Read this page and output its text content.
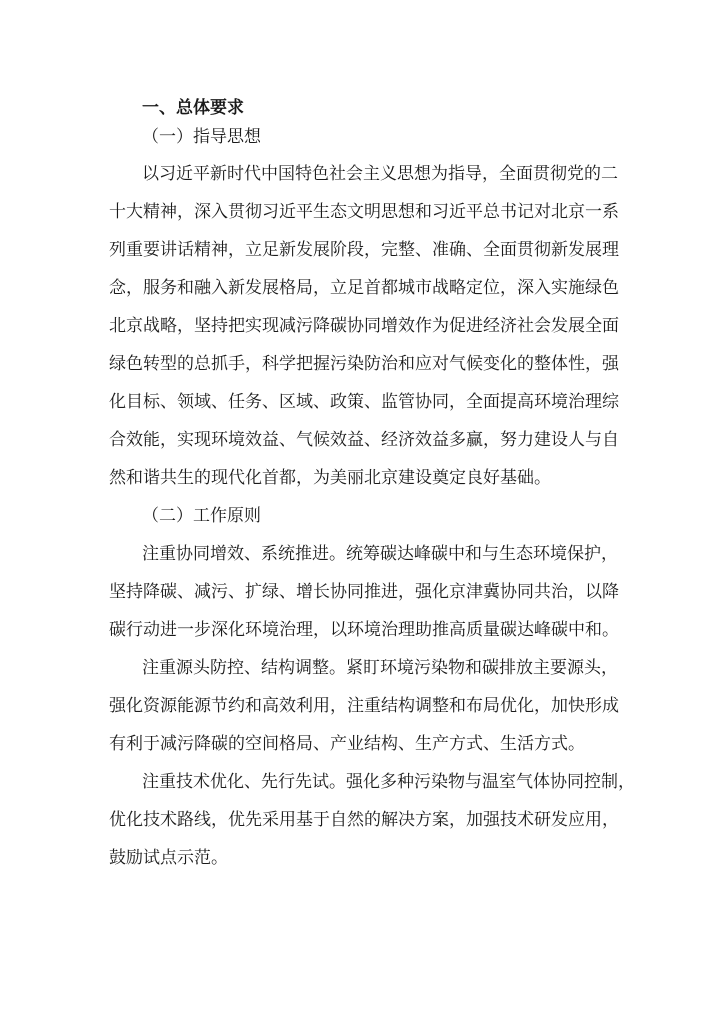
一、总体要求
（一）指导思想
以习近平新时代中国特色社会主义思想为指导，全面贯彻党的二
十大精神，深入贯彻习近平生态文明思想和习近平总书记对北京一系
列重要讲话精神，立足新发展阶段，完整、准确、全面贯彻新发展理
念，服务和融入新发展格局，立足首都城市战略定位，深入实施绿色
北京战略，坚持把实现减污降碳协同增效作为促进经济社会发展全面
绿色转型的总抓手，科学把握污染防治和应对气候变化的整体性，强
化目标、领域、任务、区域、政策、监管协同，全面提高环境治理综
合效能，实现环境效益、气候效益、经济效益多赢，努力建设人与自
然和谐共生的现代化首都，为美丽北京建设奠定良好基础。
（二）工作原则
注重协同增效、系统推进。统筹碳达峰碳中和与生态环境保护，
坚持降碳、减污、扩绿、增长协同推进，强化京津冀协同共治，以降
碳行动进一步深化环境治理，以环境治理助推高质量碳达峰碳中和。
注重源头防控、结构调整。紧盯环境污染物和碳排放主要源头，
强化资源能源节约和高效利用，注重结构调整和布局优化，加快形成
有利于减污降碳的空间格局、产业结构、生产方式、生活方式。
注重技术优化、先行先试。强化多种污染物与温室气体协同控制，
优化技术路线，优先采用基于自然的解决方案，加强技术研发应用，
鼓励试点示范。
